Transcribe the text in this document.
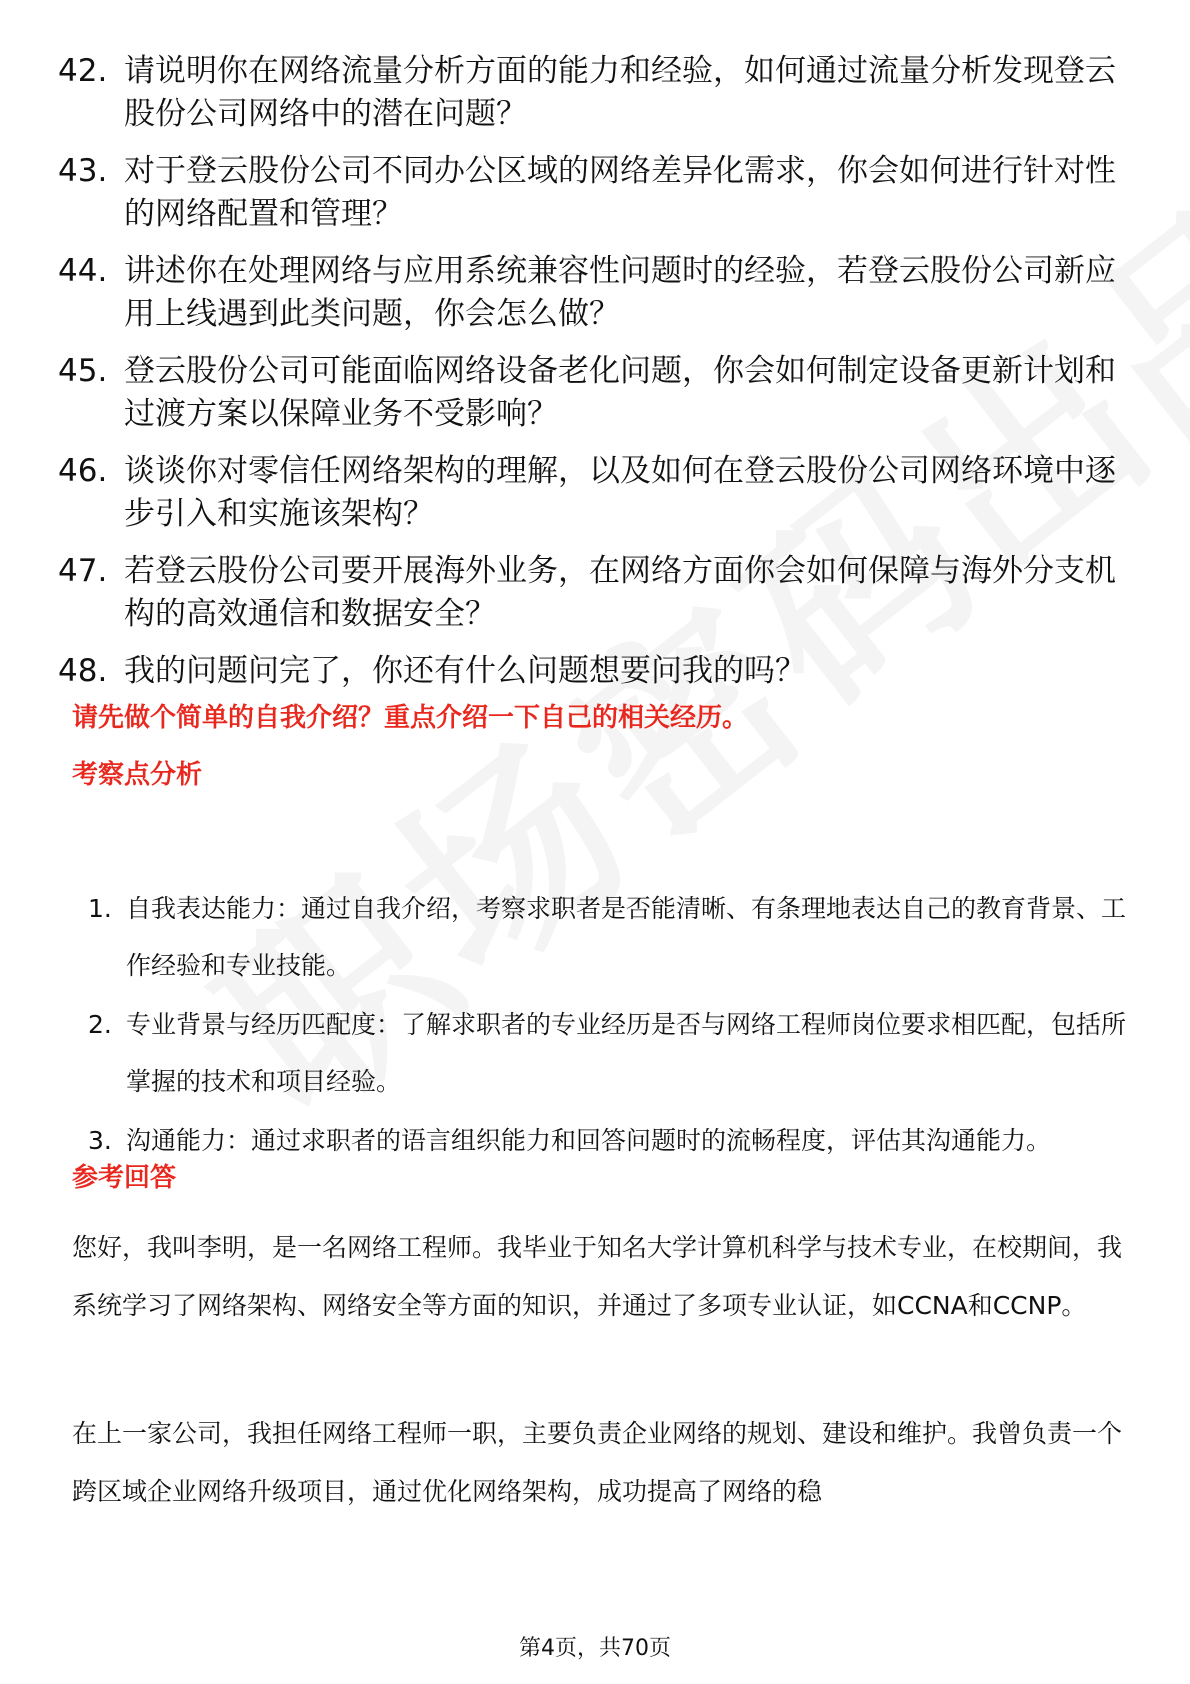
42. 请说明你在网络流量分析方面的能力和经验，如何通过流量分析发现登云股份公司网络中的潜在问题？
43. 对于登云股份公司不同办公区域的网络差异化需求，你会如何进行针对性的网络配置和管理？
44. 讲述你在处理网络与应用系统兼容性问题时的经验，若登云股份公司新应用上线遇到此类问题，你会怎么做？
45. 登云股份公司可能面临网络设备老化问题，你会如何制定设备更新计划和过渡方案以保障业务不受影响？
46. 谈谈你对零信任网络架构的理解，以及如何在登云股份公司网络环境中逐步引入和实施该架构？
47. 若登云股份公司要开展海外业务，在网络方面你会如何保障与海外分支机构的高效通信和数据安全？
48. 我的问题问完了，你还有什么问题想要问我的吗？
请先做个简单的自我介绍？重点介绍一下自己的相关经历。
考察点分析
1. 自我表达能力：通过自我介绍，考察求职者是否能清晰、有条理地表达自己的教育背景、工作经验和专业技能。
2. 专业背景与经历匹配度：了解求职者的专业经历是否与网络工程师岗位要求相匹配，包括所掌握的技术和项目经验。
3. 沟通能力：通过求职者的语言组织能力和回答问题时的流畅程度，评估其沟通能力。
参考回答
您好，我叫李明，是一名网络工程师。我毕业于知名大学计算机科学与技术专业，在校期间，我系统学习了网络架构、网络安全等方面的知识，并通过了多项专业认证，如CCNA和CCNP。
在上一家公司，我担任网络工程师一职，主要负责企业网络的规划、建设和维护。我曾负责一个跨区域企业网络升级项目，通过优化网络架构，成功提高了网络的稳
第4页，共70页
